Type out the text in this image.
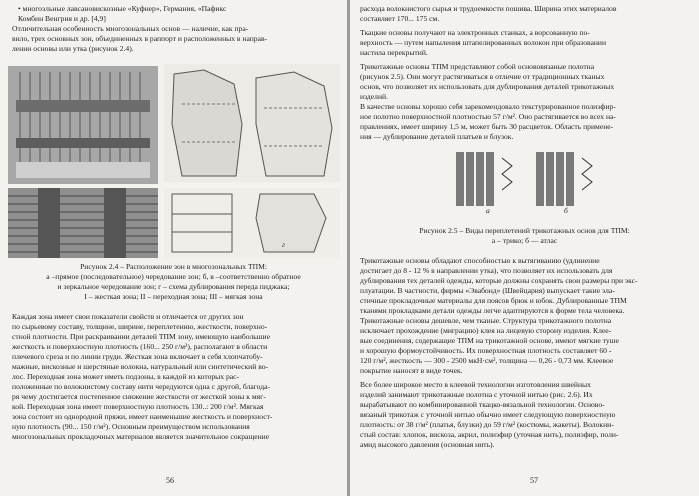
• многоэльные лавсановискозные «Куфнер», Германия, «Пафикс
Комбин Венгрия и др. [4,9]
Отличительная особенность многозональных основ — наличие, как пра-
вило, трех основных зон, объединенных в раппорт и расположенных в направ-
лении основы или утка (рисунок 2.4).
г
Рисунок 2.4 – Расположение зон в многозональных ТПМ:
а –прямое (последовательное) чередование зон; б, в –соответственно обратное
и зеркальное чередование зон; г – схема дублирования переда пиджака;
I – жесткая зона; II – переходная зона; III – мягкая зона
Каждая зона имеет свои показатели свойств и отличается от других зон
по сырьевому составу, толщине, ширине, переплетению, жесткости, поверхно-
стной плотности. При раскраивании деталей ТПМ зону, имеющую наибольшие
жесткость и поверхностную плотность (160... 250 г/м²), располагают в области
плечевого среза и по линии груди. Жесткая зона включает в себя хлопчатобу-
мажные, вискозные и шерстяные волокна, натуральный или синтетический во-
лос. Переходная зона может иметь подзоны, в каждой из которых рас-
положенные по волокнистому составу нити чередуются одна с другой, благода-
ря чему достигается постепенное снижение жесткости от жесткой зоны к мяг-
кой. Переходная зона имеет поверхностную плотность 130..: 200 г/м². Мягкая
зона состоит из однородной пряжи, имеет наименьшие жесткость и поверхност-
ную плотность (90... 150 г/м²). Основным преимуществом использования
многозональных прокладочных материалов является значительное сокращение
56
расхода волокнистого сырья и трудоемкости пошива. Ширина этих материалов
составляет 170... 175 см.
Ткацкие основы получают на электронных станках, а ворсованную по-
верхность — путем напыления штапелированных волокон при образовании
настила перекрытий.
Трикотажные основы ТПМ представляют собой основовязаные полотна
(рисунок 2.5). Они могут растягиваться в отличие от традиционных тканых
основ, что позволяет их использовать для дублирования деталей трикотажных
изделий.
В качестве основы хорошо себя зарекомендовало текстурированное полиэфир-
ное полотно поверхностной плотностью 57 г/м². Оно растягивается во всех на-
правлениях, имеет ширину 1,5 м, может быть 30 расцветок. Область примене-
ния — дублирование деталей платьев и блузок.
а	б
Рисунок 2.5 – Виды переплетений трикотажных основ для ТПМ:
а – трико; б — атлас
Трикотажные основы обладают способностью к вытягиванию (удлинение
достигает до 8 - 12 % в направлении утка), что позволяет их использовать для
дублирования тех деталей одежды, которые должны сохранять свои размеры при экс-
плуатации. В частности, фирмы «Эвабонд» (Швейцария) выпускает такие эла-
стичные прокладочные материалы для поясов брюк и юбок. Дублированные ТПМ
тканями прокладками детали одежды легче адаптируются к форме тела человека.
Трикотажные основы дешевле, чем тканые. Структура трикотажного полотна
исключает прохождение (миграцию) клея на лицевую сторону изделия. Клее-
вые соединения, содержащие ТПМ на трикотажной основе, имеют мягкие туше
и хорошую формоустойчивость. Их поверхностная плотность составляет 60 -
120 г/м², жесткость — 300 - 2500 мкН·см², толщина — 0,26 - 0,73 мм. Клеевое
покрытие наносят в виде точек.
Все более широкое место в клеевой технологии изготовления швейных
изделий занимают трикотажные полотна с уточной нитью (рис. 2.6). Их
вырабатывают по комбинированной ткацко-вязальной технологии. Осново-
вязаный трикотаж с уточной нитью обычно имеет следующую поверхностную
плотность: от 38 г/м² (платья, блузки) до 59 г/м² (костюмы, жакеты). Волокни-
стый состав: хлопок, вискоза, акрил, полиэфир (уточная нить), полиэфир, поли-
амид высокого давления (основная нить).
57
